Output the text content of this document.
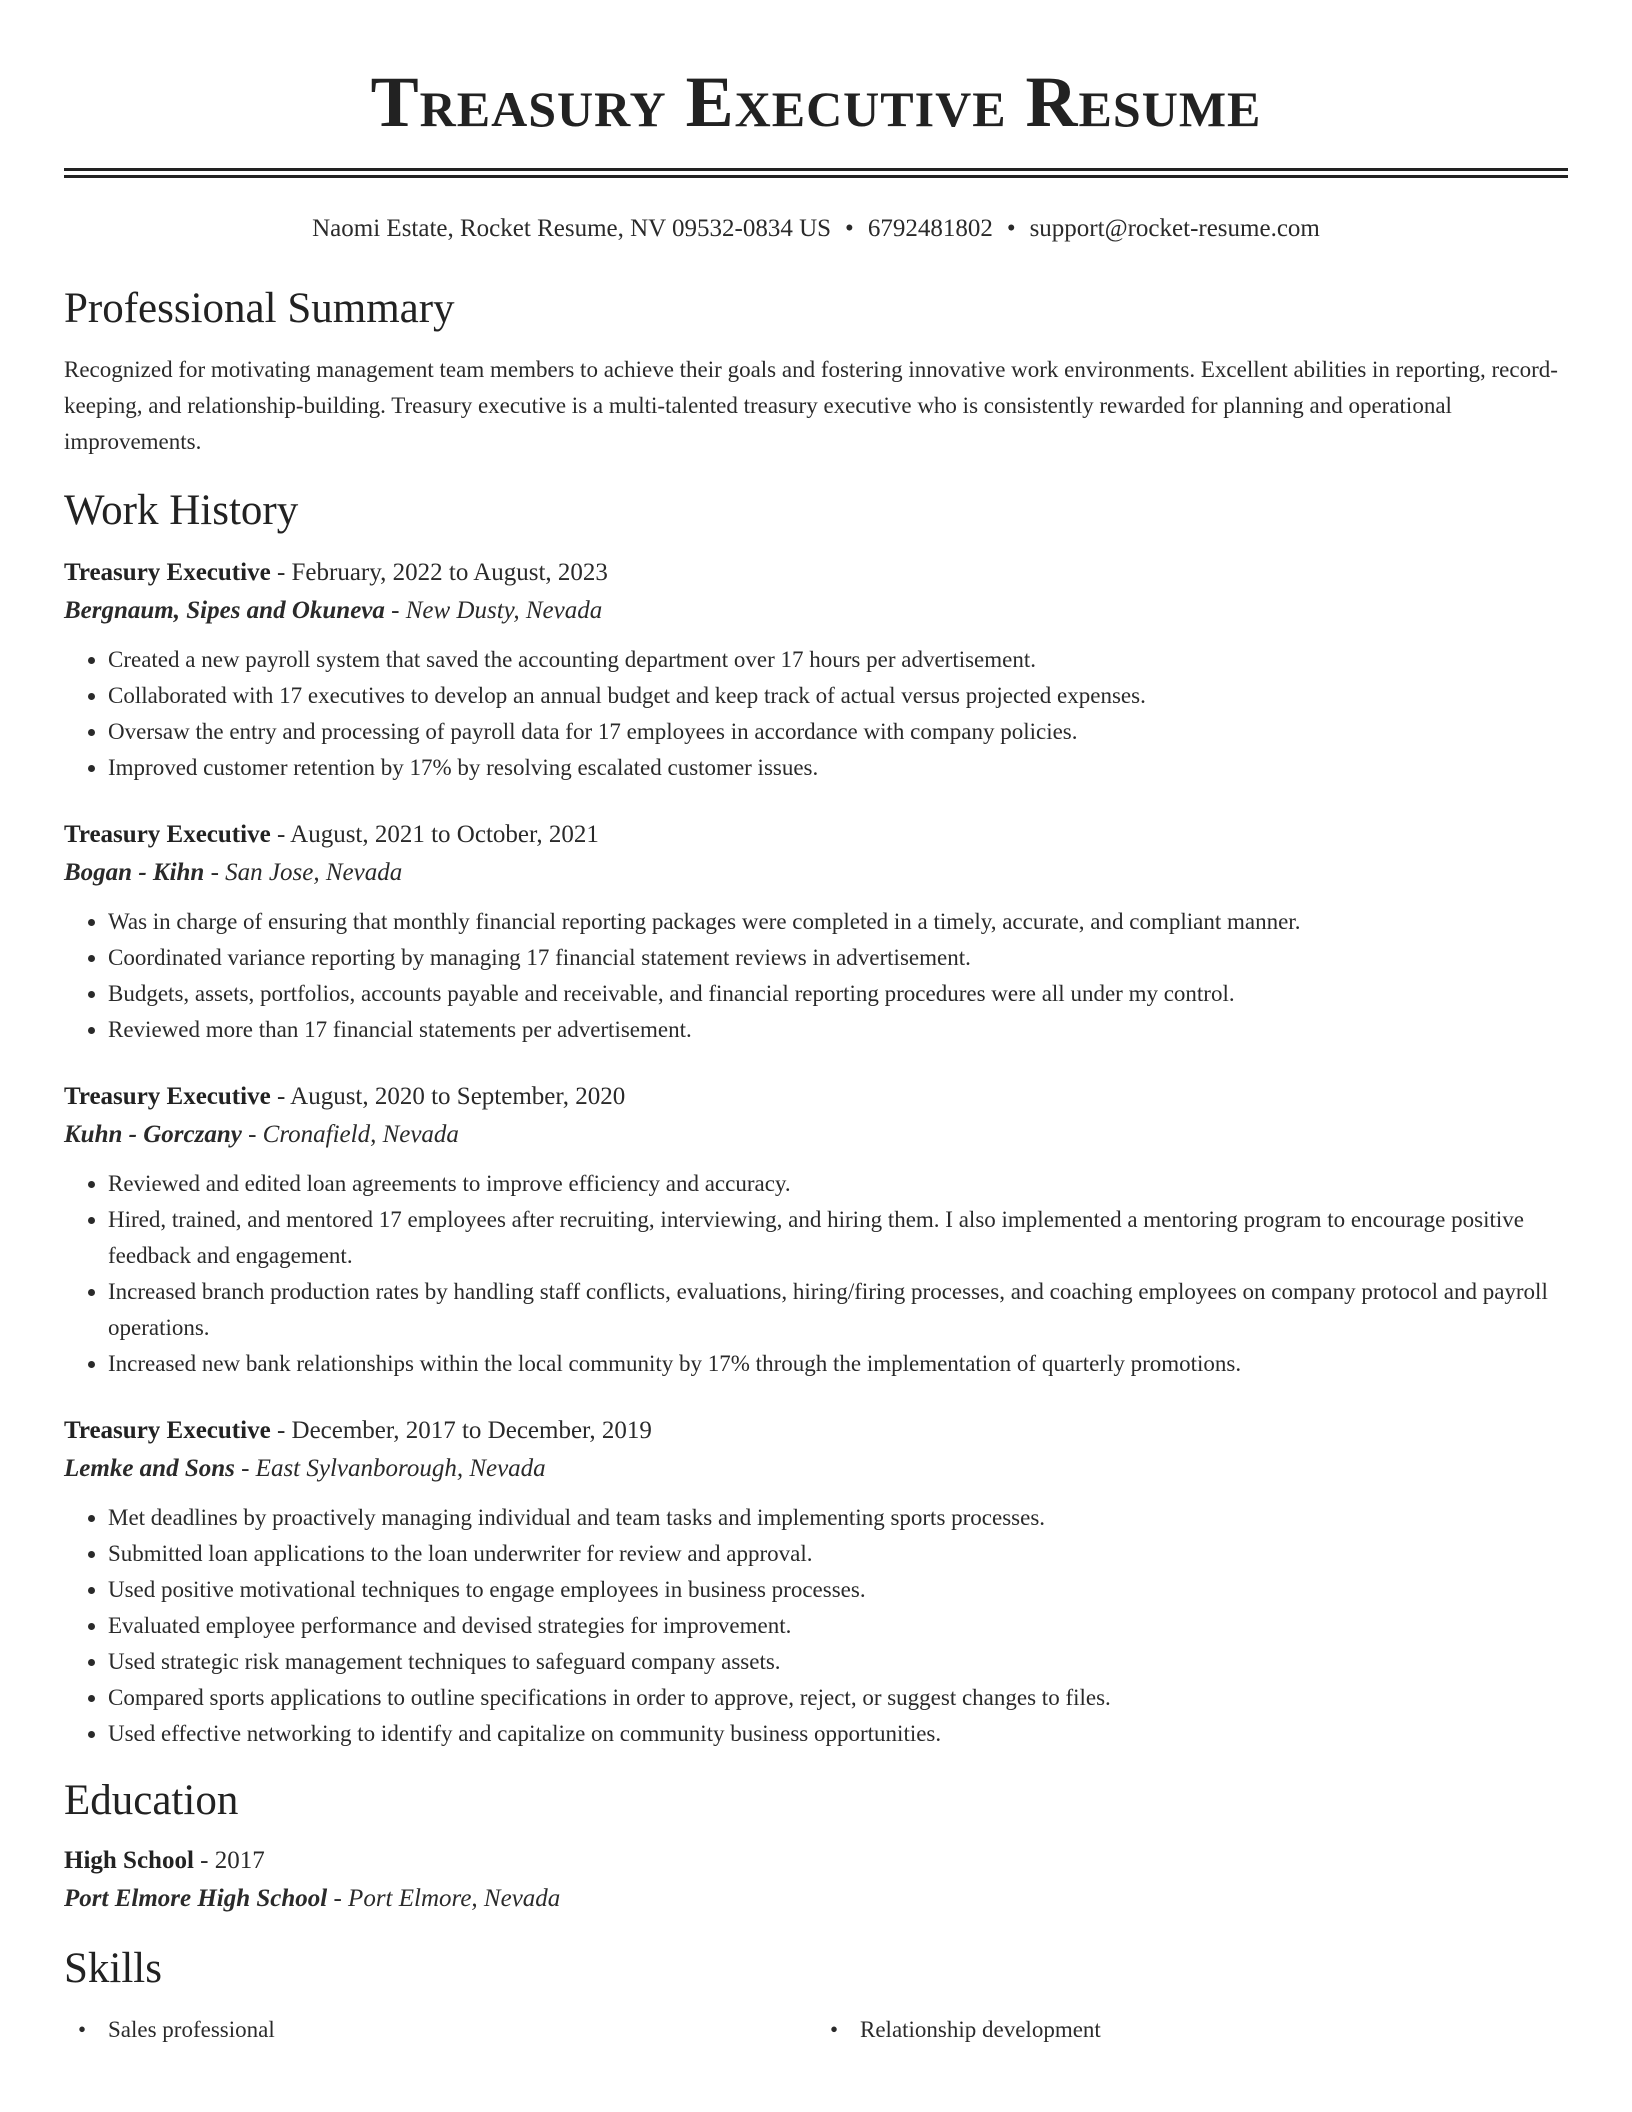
Treasury Executive Resume
Naomi Estate, Rocket Resume, NV 09532-0834 US • 6792481802 • support@rocket-resume.com
Professional Summary

Recognized for motivating management team members to achieve their goals and fostering innovative work environments. Excellent abilities in reporting, record-keeping, and relationship-building. Treasury executive is a multi-talented treasury executive who is consistently rewarded for planning and operational improvements.

Work History
Treasury Executive - February, 2022 to August, 2023
Bergnaum, Sipes and Okuneva - New Dusty, Nevada
• Created a new payroll system that saved the accounting department over 17 hours per advertisement.
• Collaborated with 17 executives to develop an annual budget and keep track of actual versus projected expenses.
• Oversaw the entry and processing of payroll data for 17 employees in accordance with company policies.
• Improved customer retention by 17% by resolving escalated customer issues.
Treasury Executive - August, 2021 to October, 2021
Bogan - Kihn - San Jose, Nevada
• Was in charge of ensuring that monthly financial reporting packages were completed in a timely, accurate, and compliant manner.
• Coordinated variance reporting by managing 17 financial statement reviews in advertisement.
• Budgets, assets, portfolios, accounts payable and receivable, and financial reporting procedures were all under my control.
• Reviewed more than 17 financial statements per advertisement.
Treasury Executive - August, 2020 to September, 2020
Kuhn - Gorczany - Cronafield, Nevada
• Reviewed and edited loan agreements to improve efficiency and accuracy.
• Hired, trained, and mentored 17 employees after recruiting, interviewing, and hiring them. I also implemented a mentoring program to encourage positive feedback and engagement.
• Increased branch production rates by handling staff conflicts, evaluations, hiring/firing processes, and coaching employees on company protocol and payroll operations.
• Increased new bank relationships within the local community by 17% through the implementation of quarterly promotions.
Treasury Executive - December, 2017 to December, 2019
Lemke and Sons - East Sylvanborough, Nevada
• Met deadlines by proactively managing individual and team tasks and implementing sports processes.
• Submitted loan applications to the loan underwriter for review and approval.
• Used positive motivational techniques to engage employees in business processes.
• Evaluated employee performance and devised strategies for improvement.
• Used strategic risk management techniques to safeguard company assets.
• Compared sports applications to outline specifications in order to approve, reject, or suggest changes to files.
• Used effective networking to identify and capitalize on community business opportunities.
Education
High School - 2017
Port Elmore High School - Port Elmore, Nevada
Skills
• Sales professional
•	Relationship development
